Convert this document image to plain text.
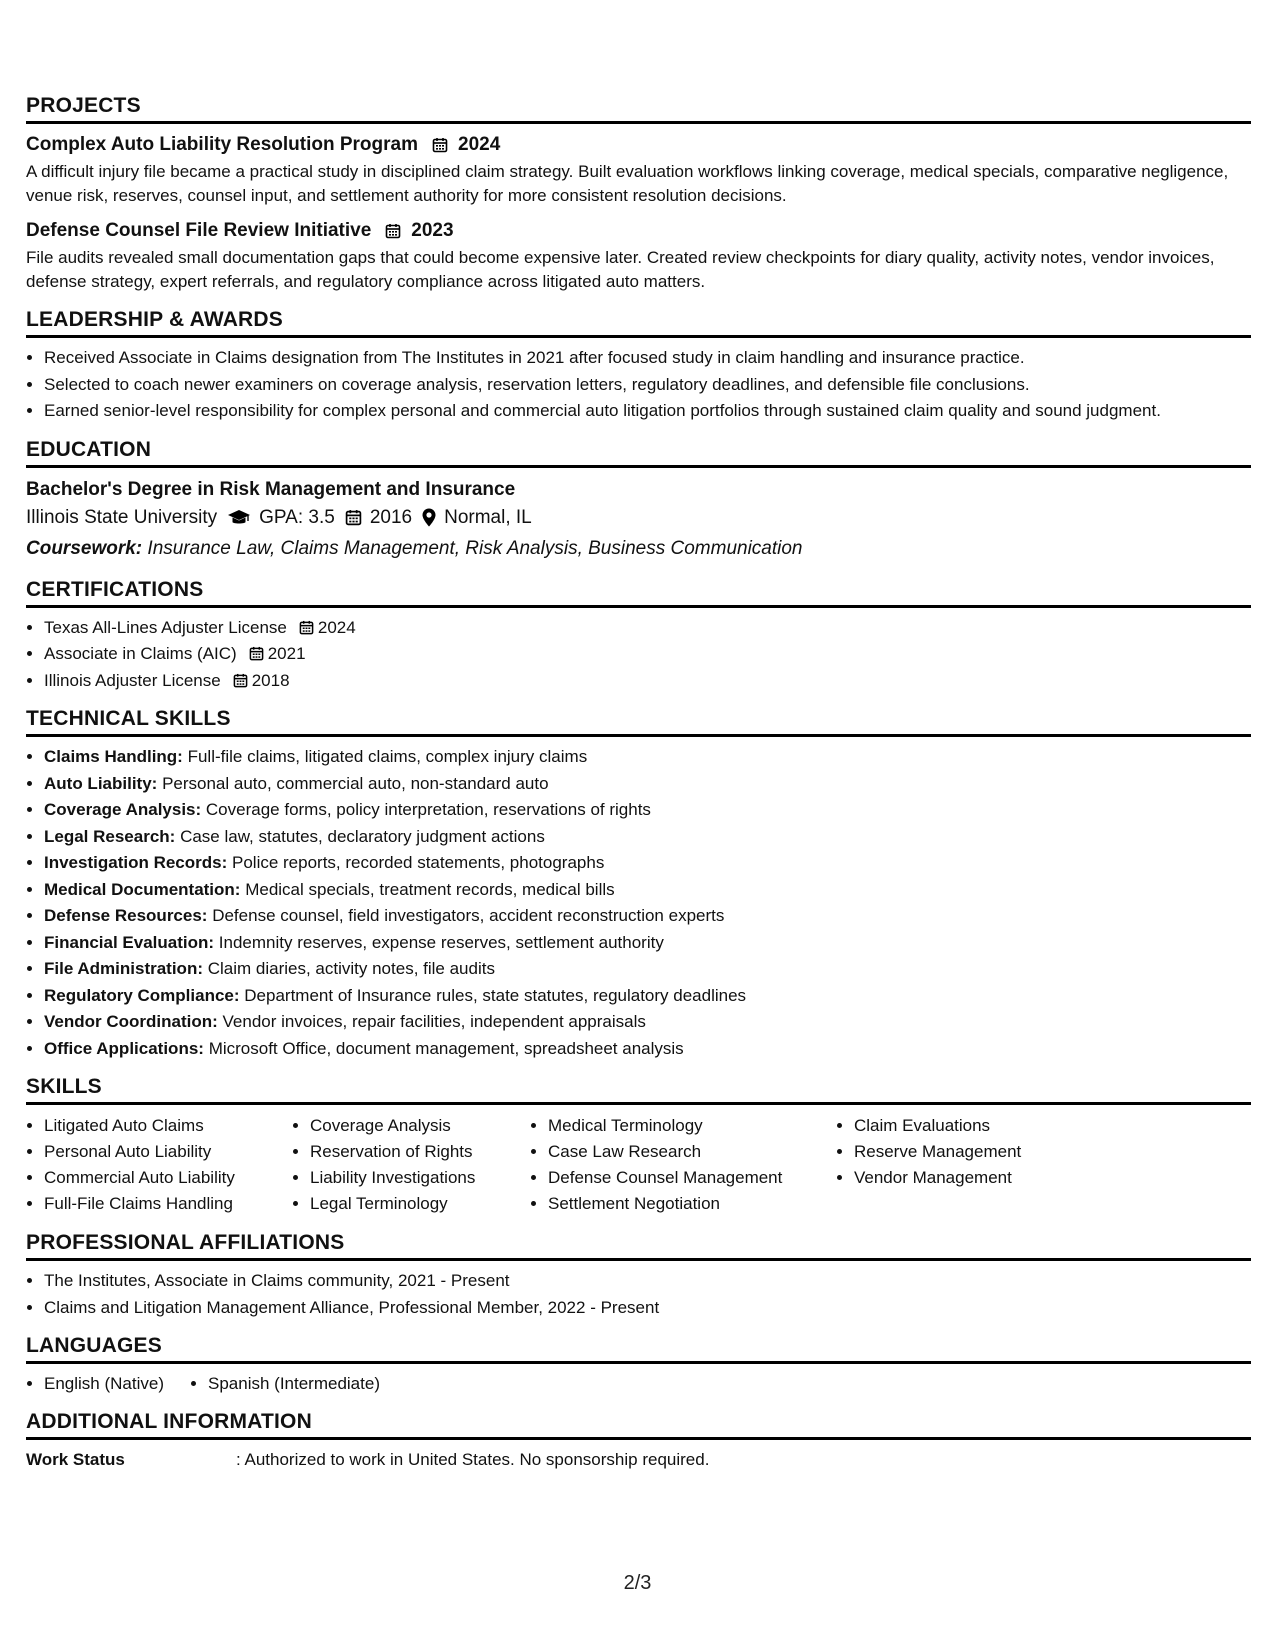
PROJECTS
Complex Auto Liability Resolution Program 2024

A difficult injury file became a practical study in disciplined claim strategy. Built evaluation workflows linking coverage, medical specials, comparative negligence, venue risk, reserves, counsel input, and settlement authority for more consistent resolution decisions.

Defense Counsel File Review Initiative 2023

File audits revealed small documentation gaps that could become expensive later. Created review checkpoints for diary quality, activity notes, vendor invoices, defense strategy, expert referrals, and regulatory compliance across litigated auto matters.

LEADERSHIP & AWARDS
• Received Associate in Claims designation from The Institutes in 2021 after focused study in claim handling and insurance practice.
• Selected to coach newer examiners on coverage analysis, reservation letters, regulatory deadlines, and defensible file conclusions.
• Earned senior-level responsibility for complex personal and commercial auto litigation portfolios through sustained claim quality and sound judgment.
EDUCATION
Bachelor's Degree in Risk Management and Insurance
Illinois State University GPA: 3.5 2016 Normal, IL
Coursework: Insurance Law, Claims Management, Risk Analysis, Business Communication
CERTIFICATIONS
• Texas All-Lines Adjuster License 2024
• Associate in Claims (AIC) 2021
• Illinois Adjuster License 2018
TECHNICAL SKILLS
• Claims Handling: Full-file claims, litigated claims, complex injury claims
• Auto Liability: Personal auto, commercial auto, non-standard auto
• Coverage Analysis: Coverage forms, policy interpretation, reservations of rights
• Legal Research: Case law, statutes, declaratory judgment actions
• Investigation Records: Police reports, recorded statements, photographs
• Medical Documentation: Medical specials, treatment records, medical bills
• Defense Resources: Defense counsel, field investigators, accident reconstruction experts
• Financial Evaluation: Indemnity reserves, expense reserves, settlement authority
• File Administration: Claim diaries, activity notes, file audits
• Regulatory Compliance: Department of Insurance rules, state statutes, regulatory deadlines
• Vendor Coordination: Vendor invoices, repair facilities, independent appraisals
• Office Applications: Microsoft Office, document management, spreadsheet analysis
SKILLS
• Litigated Auto Claims
• Personal Auto Liability
• Commercial Auto Liability
• Full-File Claims Handling
• Coverage Analysis
• Reservation of Rights
• Liability Investigations
• Legal Terminology
• Medical Terminology
• Case Law Research
• Defense Counsel Management
• Settlement Negotiation
• Claim Evaluations
• Reserve Management
• Vendor Management
PROFESSIONAL AFFILIATIONS
• The Institutes, Associate in Claims community, 2021 - Present
• Claims and Litigation Management Alliance, Professional Member, 2022 - Present
LANGUAGES
• English (Native)
•	Spanish (Intermediate)
ADDITIONAL INFORMATION
Work Status	: Authorized to work in United States. No sponsorship required.
2/3
